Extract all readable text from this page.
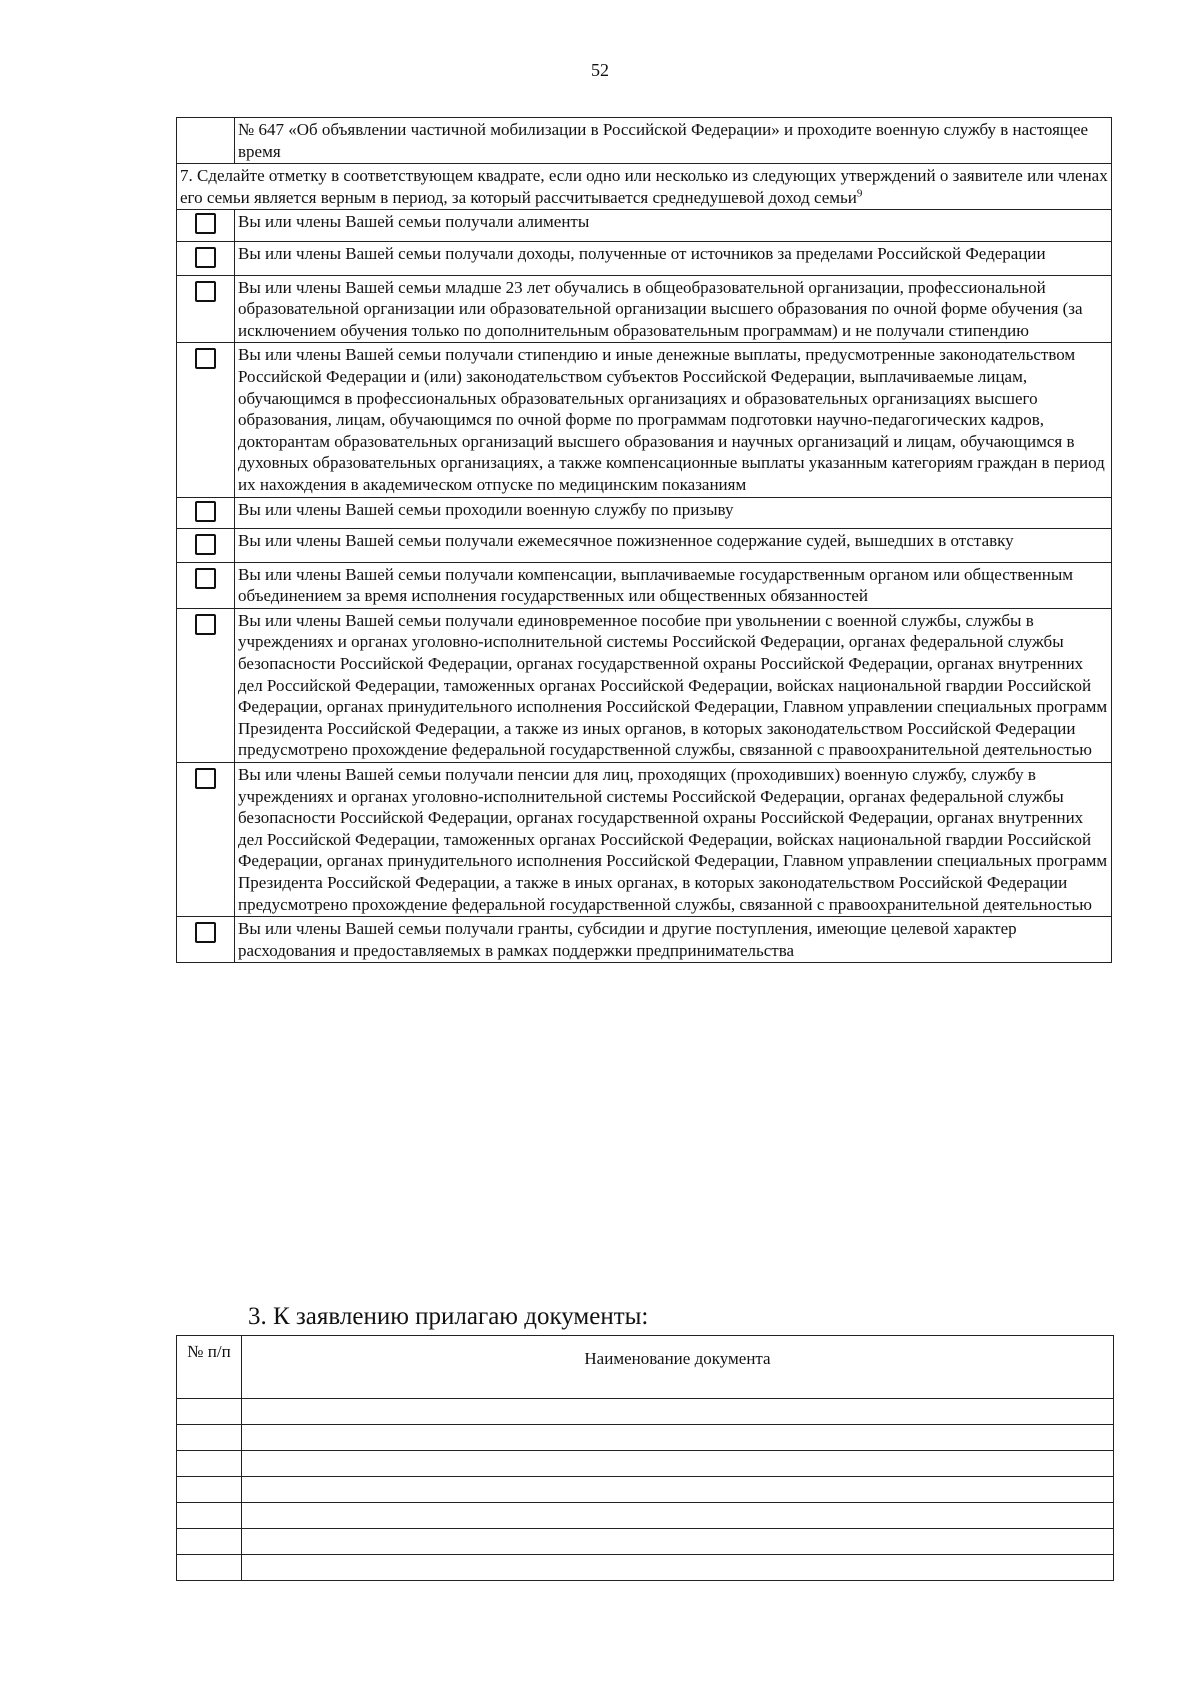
52
	№ 647 «Об объявлении частичной мобилизации в Российской Федерации» и проходите военную службу в настоящее время
7. Сделайте отметку в соответствующем квадрате, если одно или несколько из следующих утверждений о заявителе или членах его семьи является верным в период, за который рассчитывается среднедушевой доход семьи$^9$
	Вы или члены Вашей семьи получали алименты
	Вы или члены Вашей семьи получали доходы, полученные от источников за пределами Российской Федерации
	Вы или члены Вашей семьи младше 23 лет обучались в общеобразовательной организации, профессиональной образовательной организации или образовательной организации высшего образования по очной форме обучения (за исключением обучения только по дополнительным образовательным программам) и не получали стипендию
	Вы или члены Вашей семьи получали стипендию и иные денежные выплаты, предусмотренные законодательством Российской Федерации и (или) законодательством субъектов Российской Федерации, выплачиваемые лицам, обучающимся в профессиональных образовательных организациях и образовательных организациях высшего образования, лицам, обучающимся по очной форме по программам подготовки научно-педагогических кадров, докторантам образовательных организаций высшего образования и научных организаций и лицам, обучающимся в духовных образовательных организациях, а также компенсационные выплаты указанным категориям граждан в период их нахождения в академическом отпуске по медицинским показаниям
	Вы или члены Вашей семьи проходили военную службу по призыву
	Вы или члены Вашей семьи получали ежемесячное пожизненное содержание судей, вышедших в отставку
	Вы или члены Вашей семьи получали компенсации, выплачиваемые государственным органом или общественным объединением за время исполнения государственных или общественных обязанностей
	Вы или члены Вашей семьи получали единовременное пособие при увольнении с военной службы, службы в учреждениях и органах уголовно-исполнительной системы Российской Федерации, органах федеральной службы безопасности Российской Федерации, органах государственной охраны Российской Федерации, органах внутренних дел Российской Федерации, таможенных органах Российской Федерации, войсках национальной гвардии Российской Федерации, органах принудительного исполнения Российской Федерации, Главном управлении специальных программ Президента Российской Федерации, а также из иных органов, в которых законодательством Российской Федерации предусмотрено прохождение федеральной государственной службы, связанной с правоохранительной деятельностью
	Вы или члены Вашей семьи получали пенсии для лиц, проходящих (проходивших) военную службу, службу в учреждениях и органах уголовно-исполнительной системы Российской Федерации, органах федеральной службы безопасности Российской Федерации, органах государственной охраны Российской Федерации, органах внутренних дел Российской Федерации, таможенных органах Российской Федерации, войсках национальной гвардии Российской Федерации, органах принудительного исполнения Российской Федерации, Главном управлении специальных программ Президента Российской Федерации, а также в иных органах, в которых законодательством Российской Федерации предусмотрено прохождение федеральной государственной службы, связанной с правоохранительной деятельностью
	Вы или члены Вашей семьи получали гранты, субсидии и другие поступления, имеющие целевой характер расходования и предоставляемых в рамках поддержки предпринимательства
3. К заявлению прилагаю документы:
№ п/п	Наименование документа
